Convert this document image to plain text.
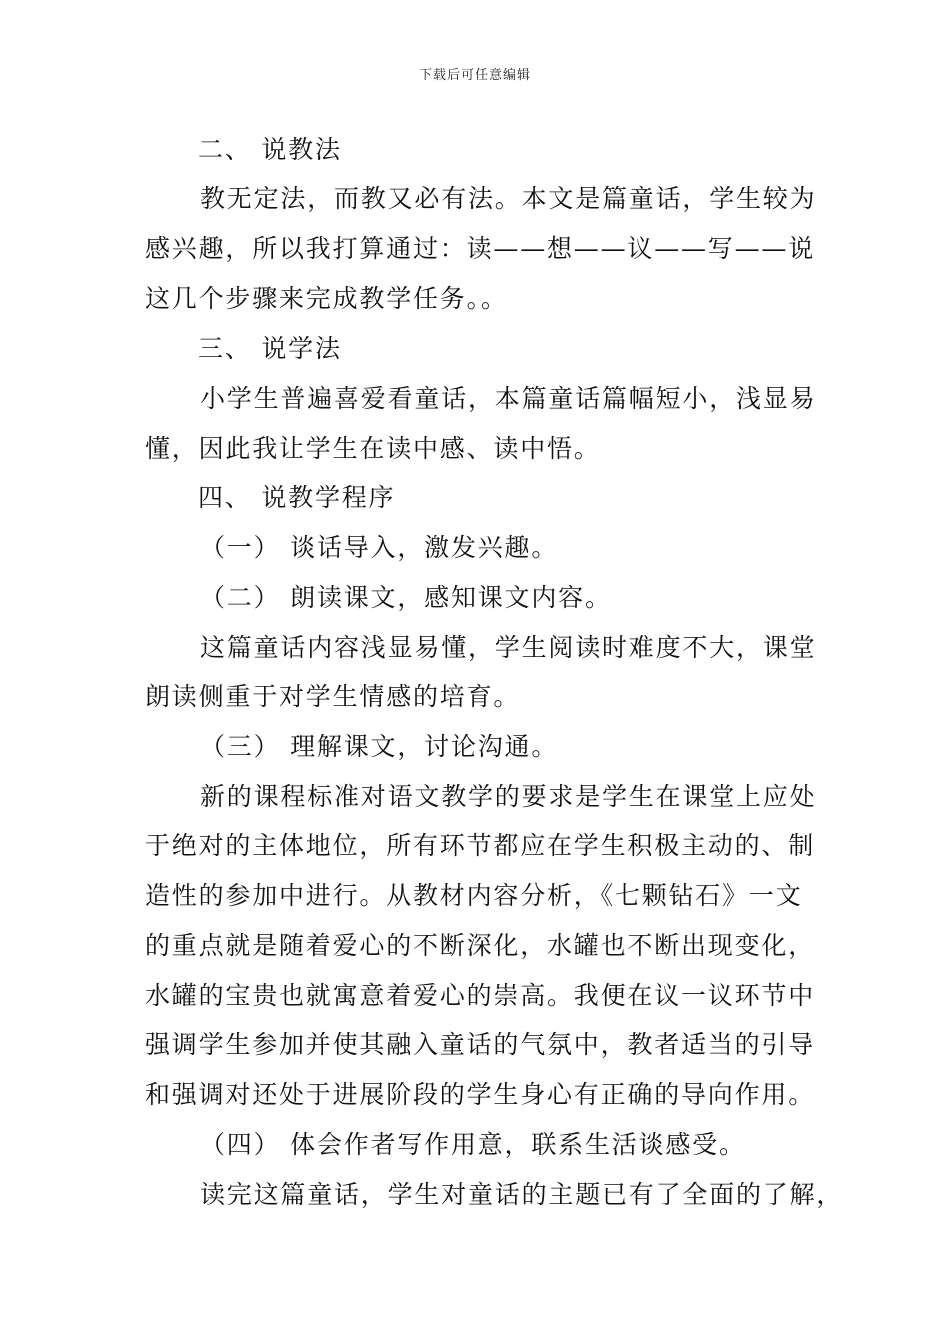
下载后可任意编辑
二、 说教法
教无定法，而教又必有法。本文是篇童话，学生较为
感兴趣，所以我打算通过：读——想——议——写——说
这几个步骤来完成教学任务。。
三、 说学法
小学生普遍喜爱看童话，本篇童话篇幅短小，浅显易
懂，因此我让学生在读中感、读中悟。
四、 说教学程序
（一） 谈话导入，激发兴趣。
（二） 朗读课文，感知课文内容。
这篇童话内容浅显易懂，学生阅读时难度不大，课堂
朗读侧重于对学生情感的培育。
（三） 理解课文，讨论沟通。
新的课程标准对语文教学的要求是学生在课堂上应处
于绝对的主体地位，所有环节都应在学生积极主动的、制
造性的参加中进行。从教材内容分析，《七颗钻石》一文
的重点就是随着爱心的不断深化，水罐也不断出现变化，
水罐的宝贵也就寓意着爱心的崇高。我便在议一议环节中
强调学生参加并使其融入童话的气氛中，教者适当的引导
和强调对还处于进展阶段的学生身心有正确的导向作用。
（四） 体会作者写作用意，联系生活谈感受。
读完这篇童话，学生对童话的主题已有了全面的了解，
